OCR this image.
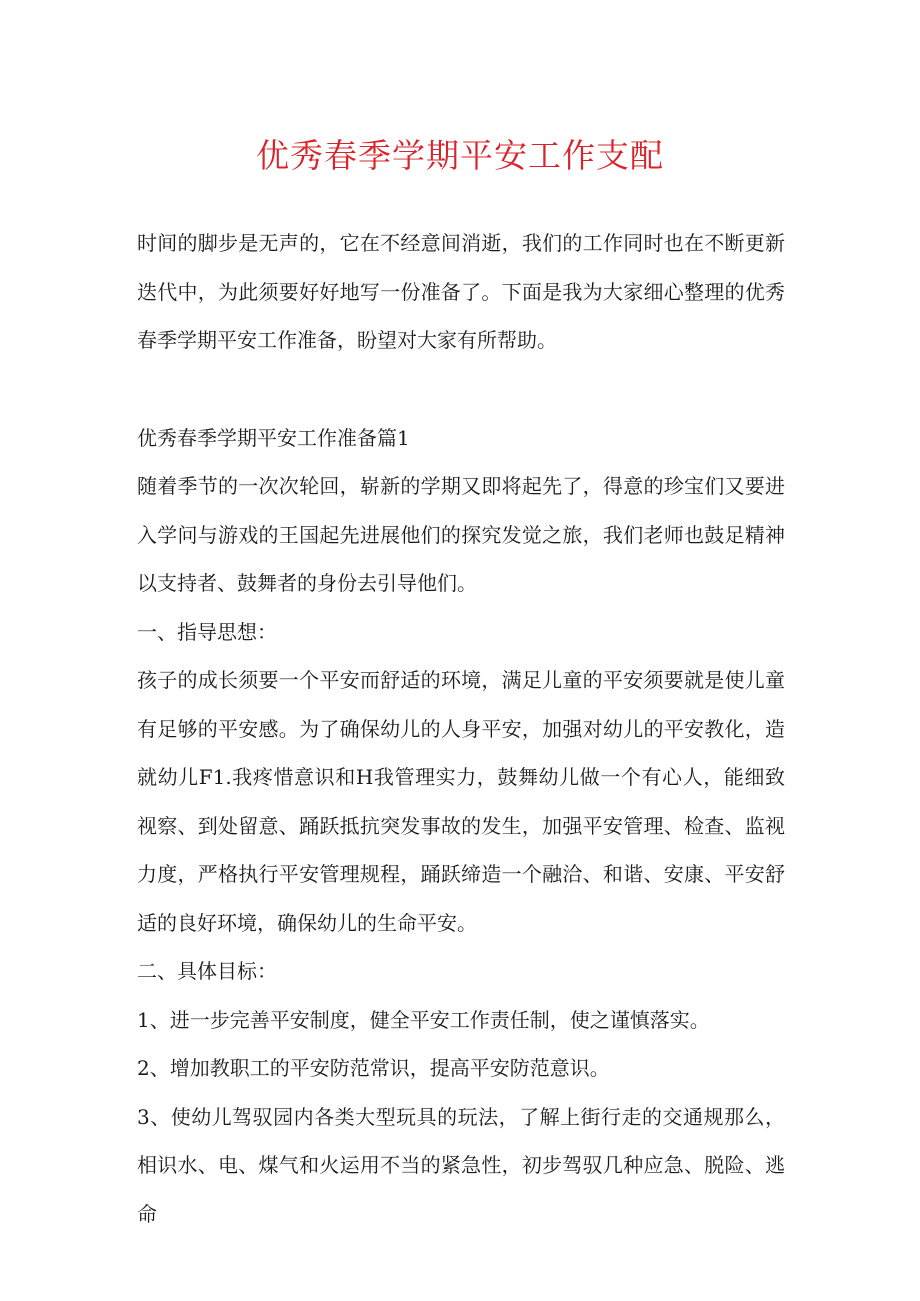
优秀春季学期平安工作支配

时间的脚步是无声的，它在不经意间消逝，我们的工作同时也在不断更新迭代中，为此须要好好地写一份准备了。下面是我为大家细心整理的优秀春季学期平安工作准备，盼望对大家有所帮助。

优秀春季学期平安工作准备篇1

随着季节的一次次轮回，崭新的学期又即将起先了，得意的珍宝们又要进入学问与游戏的王国起先进展他们的探究发觉之旅，我们老师也鼓足精神以支持者、鼓舞者的身份去引导他们。

一、指导思想：

孩子的成长须要一个平安而舒适的环境，满足儿童的平安须要就是使儿童有足够的平安感。为了确保幼儿的人身平安，加强对幼儿的平安教化，造就幼儿F1.我疼惜意识和H我管理实力，鼓舞幼儿做一个有心人，能细致视察、到处留意、踊跃抵抗突发事故的发生，加强平安管理、检查、监视力度，严格执行平安管理规程，踊跃缔造一个融洽、和谐、安康、平安舒适的良好环境，确保幼儿的生命平安。

二、具体目标：

1、进一步完善平安制度，健全平安工作责任制，使之谨慎落实。

2、增加教职工的平安防范常识，提高平安防范意识。

3、使幼儿驾驭园内各类大型玩具的玩法，了解上街行走的交通规那么，相识水、电、煤气和火运用不当的紧急性，初步驾驭几种应急、脱险、逃命
